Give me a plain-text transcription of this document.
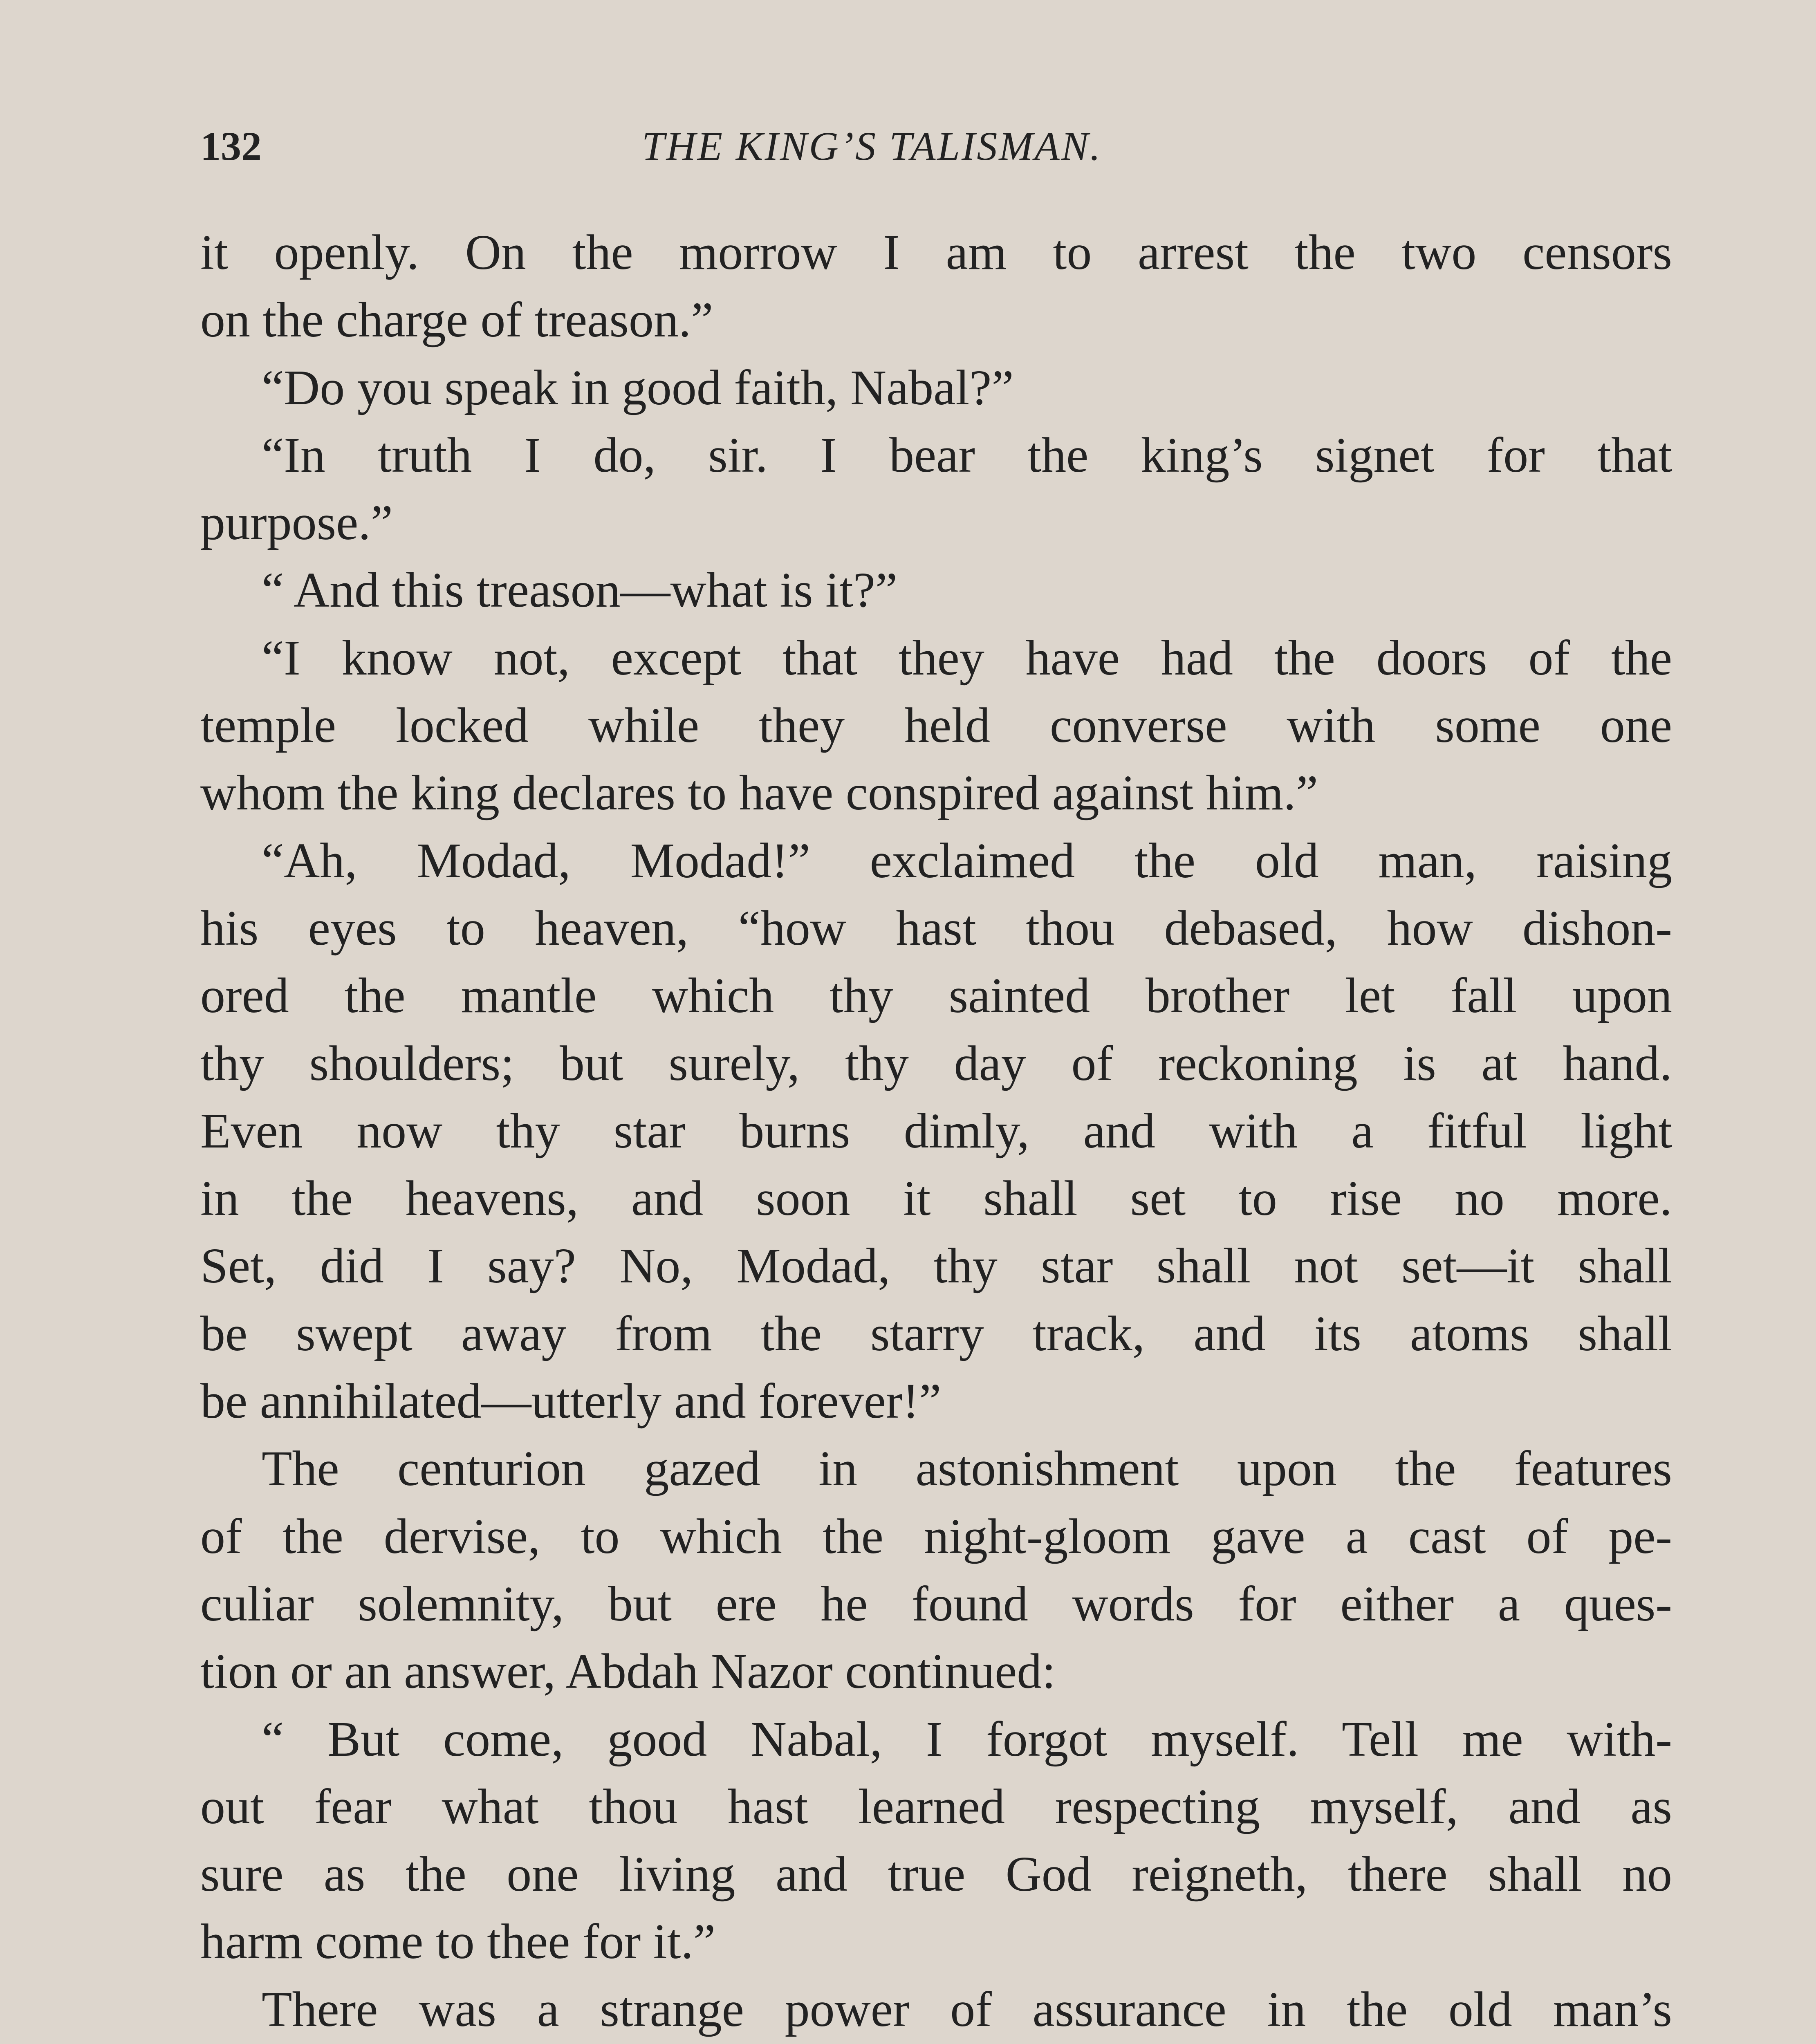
132	THE KING’S TALISMAN.
it openly. On the morrow I am to arrest the two censors
on the charge of treason.”
“Do you speak in good faith, Nabal?”
“In truth I do, sir. I bear the king’s signet for that
purpose.”
“ And this treason—what is it?”
“I know not, except that they have had the doors of the
temple locked while they held converse with some one
whom the king declares to have conspired against him.”
“Ah, Modad, Modad!” exclaimed the old man, raising
his eyes to heaven, “how hast thou debased, how dishon-
ored the mantle which thy sainted brother let fall upon
thy shoulders; but surely, thy day of reckoning is at hand.
Even now thy star burns dimly, and with a fitful light
in the heavens, and soon it shall set to rise no more.
Set, did I say? No, Modad, thy star shall not set—it shall
be swept away from the starry track, and its atoms shall
be annihilated—utterly and forever!”
The centurion gazed in astonishment upon the features
of the dervise, to which the night-gloom gave a cast of pe-
culiar solemnity, but ere he found words for either a ques-
tion or an answer, Abdah Nazor continued:
“ But come, good Nabal, I forgot myself. Tell me with-
out fear what thou hast learned respecting myself, and as
sure as the one living and true God reigneth, there shall no
harm come to thee for it.”
There was a strange power of assurance in the old man’s
